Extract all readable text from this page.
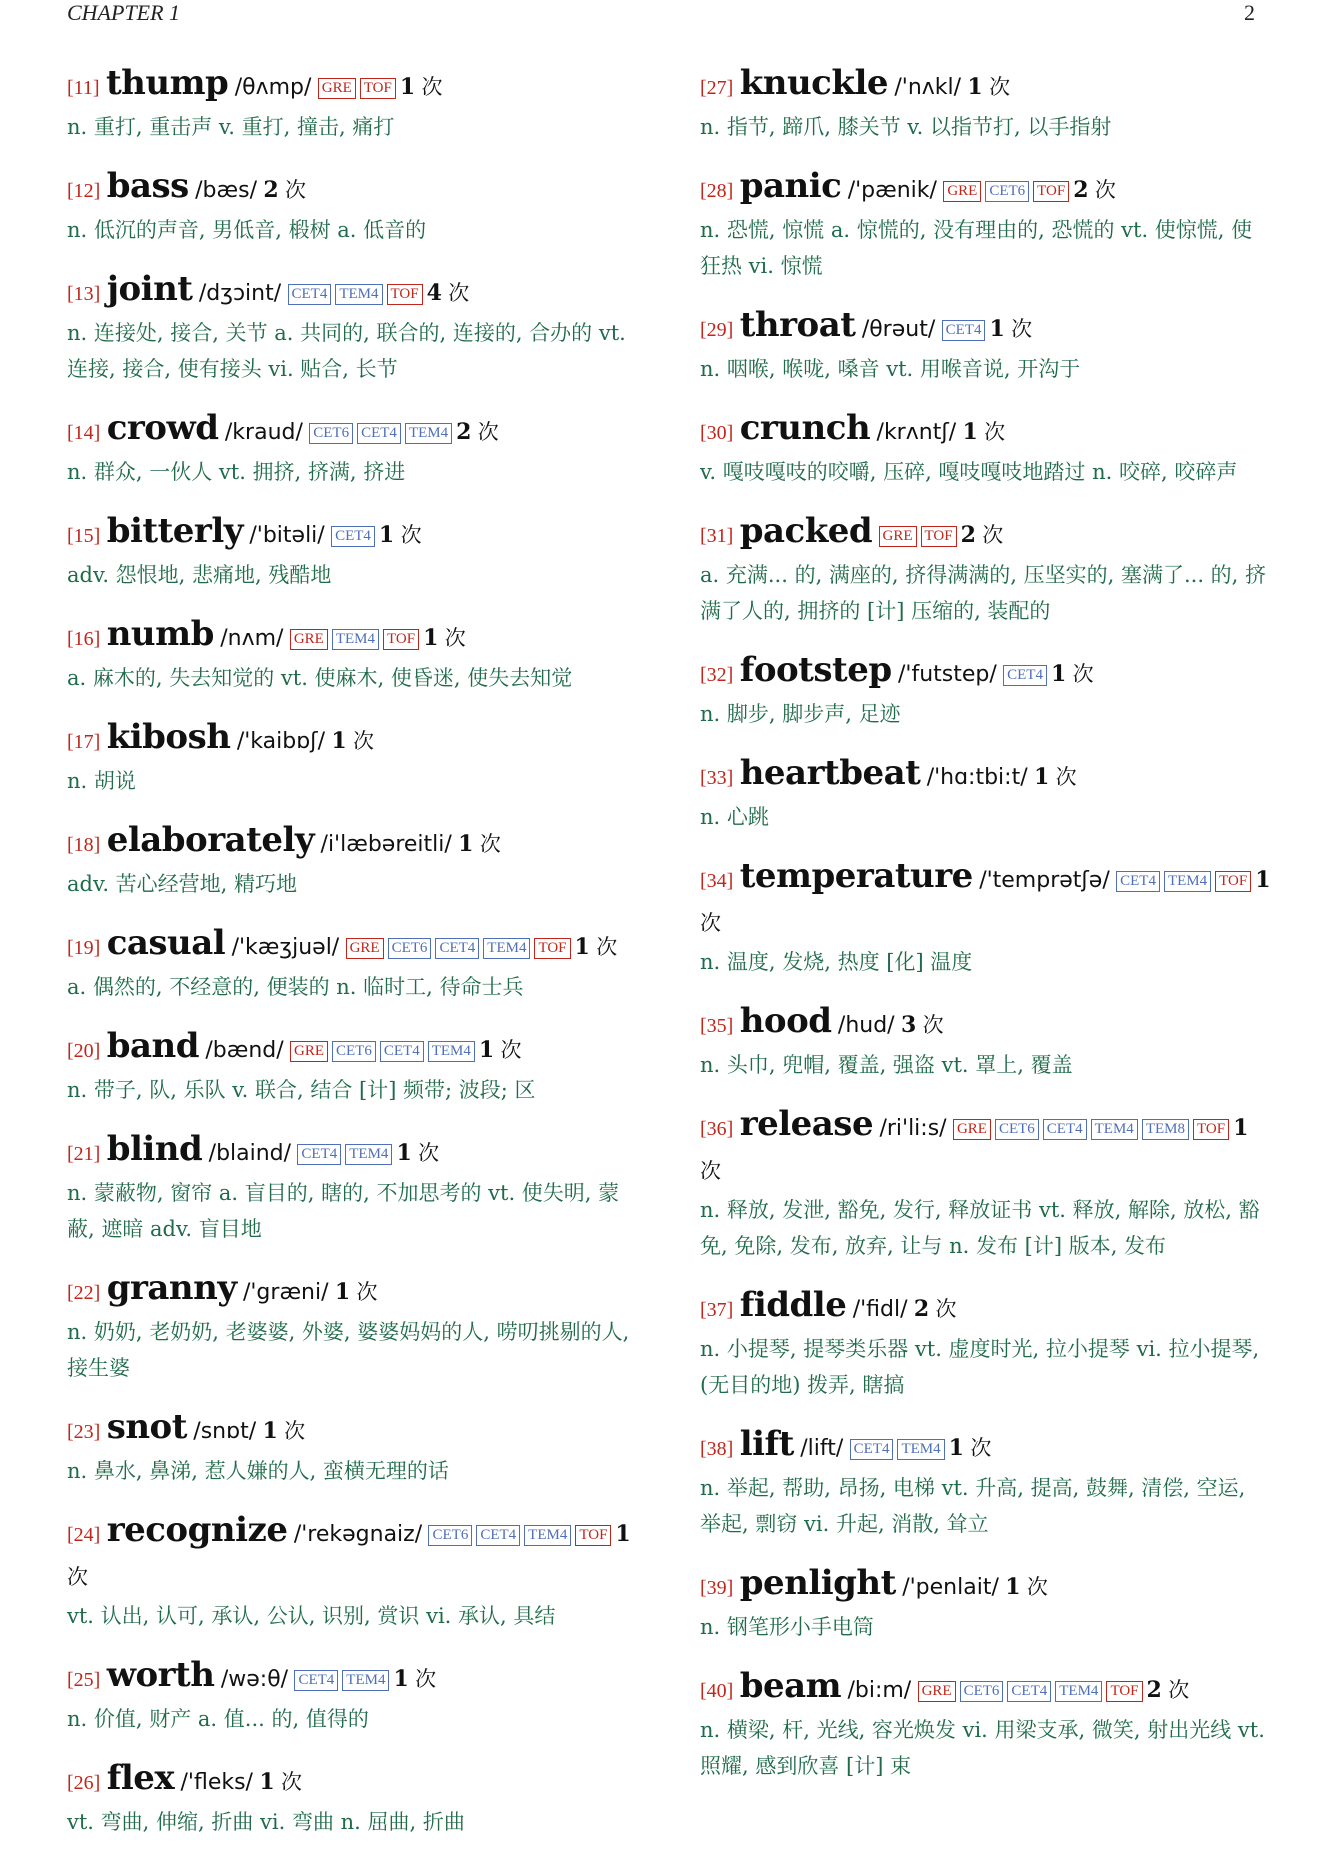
CHAPTER 1	2
[11] thump /θʌmp/ GRE TOF 1 次
n. 重打, 重击声 v. 重打, 撞击, 痛打
[12] bass /bæs/ 2 次
n. 低沉的声音, 男低音, 椴树 a. 低音的
[13] joint /dʒɔint/ CET4 TEM4 TOF 4 次
n. 连接处, 接合, 关节 a. 共同的, 联合的, 连接的, 合办的 vt. 连接, 接合, 使有接头 vi. 贴合, 长节
[14] crowd /kraud/ CET6 CET4 TEM4 2 次
n. 群众, 一伙人 vt. 拥挤, 挤满, 挤进
[15] bitterly /'bitəli/ CET4 1 次
adv. 怨恨地, 悲痛地, 残酷地
[16] numb /nʌm/ GRE TEM4 TOF 1 次
a. 麻木的, 失去知觉的 vt. 使麻木, 使昏迷, 使失去知觉
[17] kibosh /'kaibɒʃ/ 1 次
n. 胡说
[18] elaborately /i'læbəreitli/ 1 次
adv. 苦心经营地, 精巧地
[19] casual /'kæʒjuəl/ GRE CET6 CET4 TEM4 TOF 1 次
a. 偶然的, 不经意的, 便装的 n. 临时工, 待命士兵
[20] band /bænd/ GRE CET6 CET4 TEM4 1 次
n. 带子, 队, 乐队 v. 联合, 结合 [计] 频带; 波段; 区
[21] blind /blaind/ CET4 TEM4 1 次
n. 蒙蔽物, 窗帘 a. 盲目的, 瞎的, 不加思考的 vt. 使失明, 蒙蔽, 遮暗 adv. 盲目地
[22] granny /'græni/ 1 次
n. 奶奶, 老奶奶, 老婆婆, 外婆, 婆婆妈妈的人, 唠叨挑剔的人, 接生婆
[23] snot /snɒt/ 1 次
n. 鼻水, 鼻涕, 惹人嫌的人, 蛮横无理的话
[24] recognize /'rekəgnaiz/ CET6 CET4 TEM4 TOF 1 次
vt. 认出, 认可, 承认, 公认, 识别, 赏识 vi. 承认, 具结
[25] worth /wə:θ/ CET4 TEM4 1 次
n. 价值, 财产 a. 值... 的, 值得的
[26] flex /'fleks/ 1 次
vt. 弯曲, 伸缩, 折曲 vi. 弯曲 n. 屈曲, 折曲
[27] knuckle /'nʌkl/ 1 次
n. 指节, 蹄爪, 膝关节 v. 以指节打, 以手指射
[28] panic /'pænik/ GRE CET6 TOF 2 次
n. 恐慌, 惊慌 a. 惊慌的, 没有理由的, 恐慌的 vt. 使惊慌, 使狂热 vi. 惊慌
[29] throat /θrəut/ CET4 1 次
n. 咽喉, 喉咙, 嗓音 vt. 用喉音说, 开沟于
[30] crunch /krʌntʃ/ 1 次
v. 嘎吱嘎吱的咬嚼, 压碎, 嘎吱嘎吱地踏过 n. 咬碎, 咬碎声
[31] packed GRE TOF 2 次
a. 充满... 的, 满座的, 挤得满满的, 压坚实的, 塞满了... 的, 挤满了人的, 拥挤的 [计] 压缩的, 装配的
[32] footstep /'futstep/ CET4 1 次
n. 脚步, 脚步声, 足迹
[33] heartbeat /'hɑ:tbi:t/ 1 次
n. 心跳
[34] temperature /'temprətʃə/ CET4 TEM4 TOF 1 次
n. 温度, 发烧, 热度 [化] 温度
[35] hood /hud/ 3 次
n. 头巾, 兜帽, 覆盖, 强盗 vt. 罩上, 覆盖
[36] release /ri'li:s/ GRE CET6 CET4 TEM4 TEM8 TOF 1 次
n. 释放, 发泄, 豁免, 发行, 释放证书 vt. 释放, 解除, 放松, 豁免, 免除, 发布, 放弃, 让与 n. 发布 [计] 版本, 发布
[37] fiddle /'fidl/ 2 次
n. 小提琴, 提琴类乐器 vt. 虚度时光, 拉小提琴 vi. 拉小提琴, (无目的地) 拨弄, 瞎搞
[38] lift /lift/ CET4 TEM4 1 次
n. 举起, 帮助, 昂扬, 电梯 vt. 升高, 提高, 鼓舞, 清偿, 空运, 举起, 剽窃 vi. 升起, 消散, 耸立
[39] penlight /'penlait/ 1 次
n. 钢笔形小手电筒
[40] beam /bi:m/ GRE CET6 CET4 TEM4 TOF 2 次
n. 横梁, 杆, 光线, 容光焕发 vi. 用梁支承, 微笑, 射出光线 vt. 照耀, 感到欣喜 [计] 束
